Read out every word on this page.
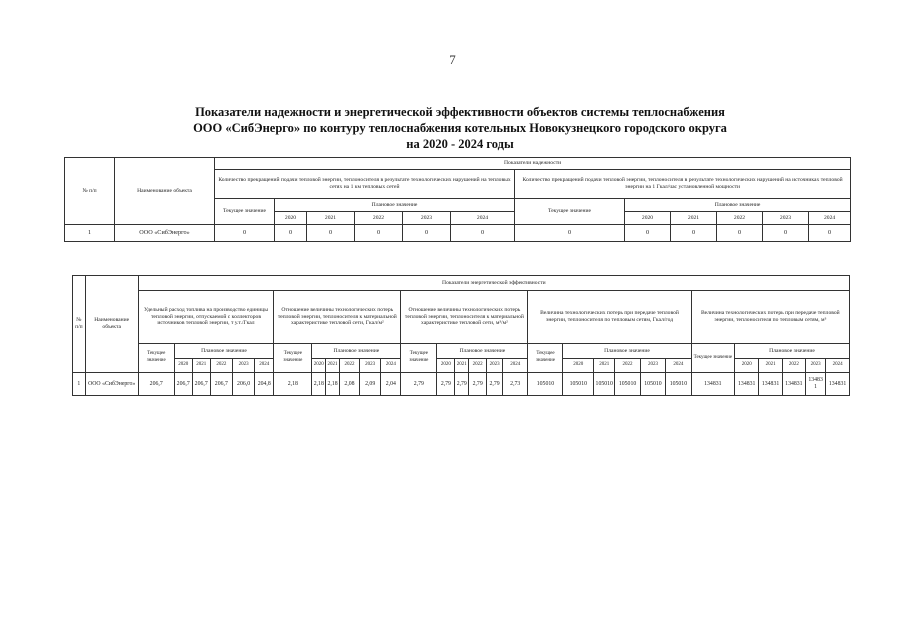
7
Показатели надежности и энергетической эффективности объектов системы теплоснабжения
ООО «СибЭнерго» по контуру теплоснабжения котельных Новокузнецкого городского округа
на 2020 - 2024 годы
№ п/п	Наименование объекта	Показатели надежности											
		Количество прекращений подачи тепловой энергии, теплоносителя в результате технологических нарушений на тепловых сетях на 1 км тепловых сетей						Количество прекращений подачи тепловой энергии, теплоносителя в результате технологических нарушений на источниках тепловой энергии на 1 Гкал/час установленной мощности					
		Текущее значение	Плановое значение					Текущее значение	Плановое значение				
			2020	2021	2022	2023	2024		2020	2021	2022	2023	2024
1	ООО «СибЭнерго»	0	0	0	0	0	0	0	0	0	0	0	0
№ п/п	Наименование объекта	Показатели энергетической эффективности																													
		Удельный расход топлива на производство единицы тепловой энергии, отпускаемой с коллекторов источников тепловой энергии, т у.т./Гкал						Отношение величины технологических потерь тепловой энергии, теплоносителя к материальной характеристике тепловой сети, Гкал/м²						Отношение величины технологических потерь тепловой энергии, теплоносителя к материальной характеристике тепловой сети, м³/м²						Величина технологических потерь при передаче тепловой энергии, теплоносителя по тепловым сетям, Гкал/год						Величина технологических потерь при передаче тепловой энергии, теплоносителя по тепловым сетям, м³					
		Текущее значение	Плановое значение					Текущее значение	Плановое значение					Текущее значение	Плановое значение					Текущее значение	Плановое значение					Текущее значение	Плановое значение				
			2020	2021	2022	2023	2024		2020	2021	2022	2023	2024		2020	2021	2022	2023	2024		2020	2021	2022	2023	2024		2020	2021	2022	2023	2024
1	ООО «СибЭнерго»	206,7	206,7	206,7	206,7	206,0	204,8	2,18	2,18	2,18	2,08	2,09	2,04	2,79	2,79	2,79	2,79	2,79	2,73	105010	105010	105010	105010	105010	105010	134831	134831	134831	134831	134831	134831
